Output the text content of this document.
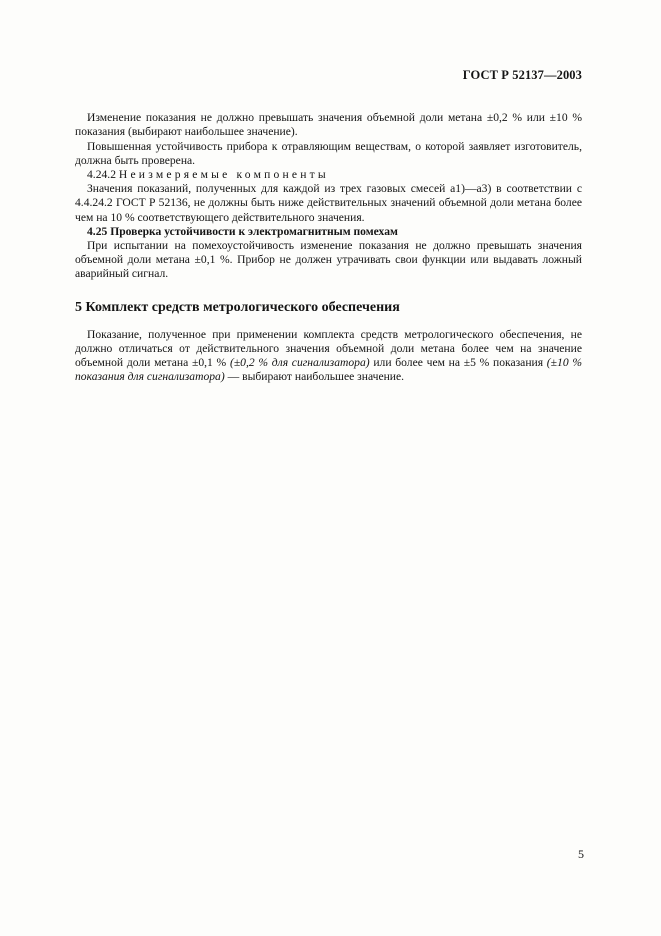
ГОСТ Р 52137—2003

Изменение показания не должно превышать значения объемной доли метана ±0,2 % или ±10 % показания (выбирают наибольшее значение).

Повышенная устойчивость прибора к отравляющим веществам, о которой заявляет изготовитель, должна быть проверена.

4.24.2 Неизмеряемые компоненты

Значения показаний, полученных для каждой из трех газовых смесей а1)—а3) в соответствии с 4.4.24.2 ГОСТ Р 52136, не должны быть ниже действительных значений объемной доли метана более чем на 10 % соответствующего действительного значения.

4.25 Проверка устойчивости к электромагнитным помехам

При испытании на помехоустойчивость изменение показания не должно превышать значения объемной доли метана ±0,1 %. Прибор не должен утрачивать свои функции или выдавать ложный аварийный сигнал.

5 Комплект средств метрологического обеспечения

Показание, полученное при применении комплекта средств метрологического обеспечения, не должно отличаться от действительного значения объемной доли метана более чем на значение объемной доли метана ±0,1 % (±0,2 % для сигнализатора) или более чем на ±5 % показания (±10 % показания для сигнализатора) — выбирают наибольшее значение.

5
